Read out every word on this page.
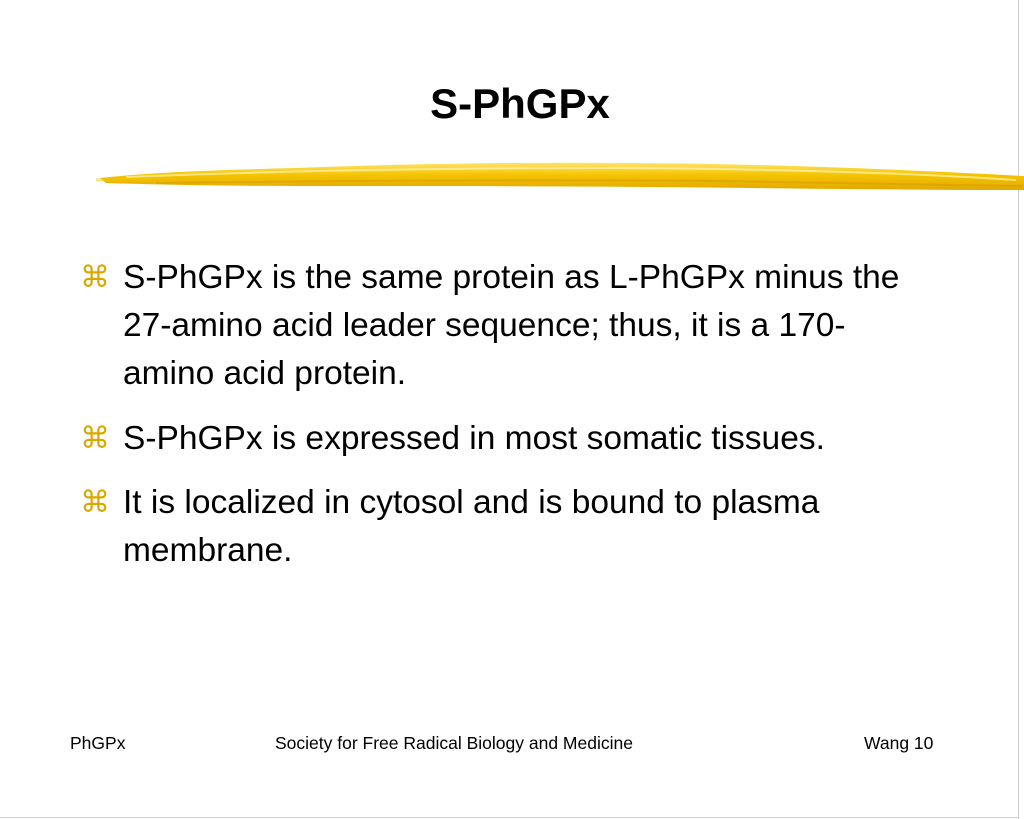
S-PhGPx
⌘ S-PhGPx is the same protein as L-PhGPx minus the 27-amino acid leader sequence; thus, it is a 170-amino acid protein.
⌘ S-PhGPx is expressed in most somatic tissues.
⌘ It is localized in cytosol and is bound to plasma membrane.
PhGPx	Society for Free Radical Biology and Medicine	Wang 10
